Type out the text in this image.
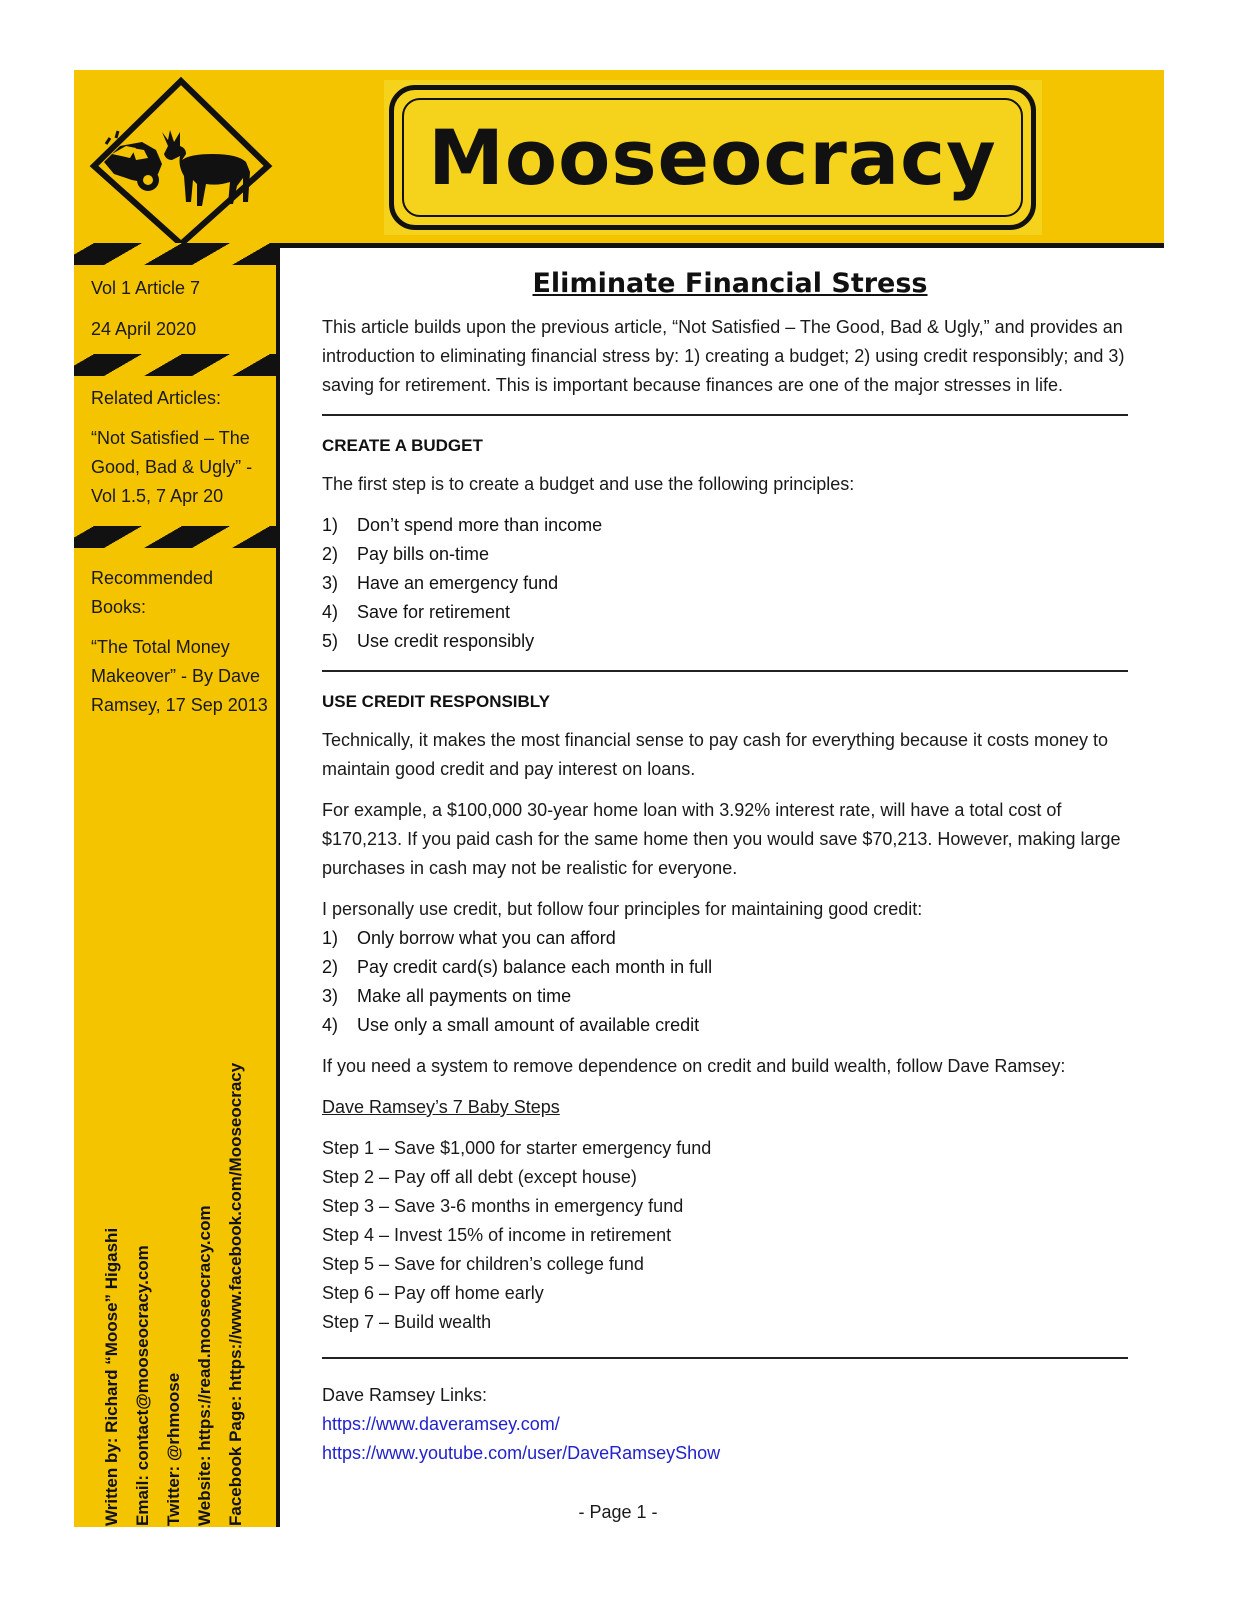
Mooseocracy
Vol 1 Article 7
24 April 2020
Related Articles:
“Not Satisfied – The Good, Bad & Ugly” - Vol 1.5, 7 Apr 20
Recommended Books:
“The Total Money Makeover” - By Dave Ramsey, 17 Sep 2013
Written by: Richard “Moose” Higashi Email: contact@mooseocracy.com Twitter: @rhmoose Website: https://read.mooseocracy.com Facebook Page: https://www.facebook.com/Mooseocracy
Eliminate Financial Stress

This article builds upon the previous article, “Not Satisfied – The Good, Bad & Ugly,” and provides an introduction to eliminating financial stress by: 1) creating a budget; 2) using credit responsibly; and 3) saving for retirement. This is important because finances are one of the major stresses in life.

CREATE A BUDGET

The first step is to create a budget and use the following principles:

1)	Don’t spend more than income
2)	Pay bills on-time
3)	Have an emergency fund
4)	Save for retirement
5)	Use credit responsibly
USE CREDIT RESPONSIBLY

Technically, it makes the most financial sense to pay cash for everything because it costs money to maintain good credit and pay interest on loans.

For example, a $100,000 30-year home loan with 3.92% interest rate, will have a total cost of $170,213. If you paid cash for the same home then you would save $70,213. However, making large purchases in cash may not be realistic for everyone.

I personally use credit, but follow four principles for maintaining good credit:

1)	Only borrow what you can afford
2)	Pay credit card(s) balance each month in full
3)	Make all payments on time
4)	Use only a small amount of available credit

If you need a system to remove dependence on credit and build wealth, follow Dave Ramsey:

Dave Ramsey’s 7 Baby Steps

Step 1 – Save $1,000 for starter emergency fund

Step 2 – Pay off all debt (except house)

Step 3 – Save 3-6 months in emergency fund

Step 4 – Invest 15% of income in retirement

Step 5 – Save for children’s college fund

Step 6 – Pay off home early

Step 7 – Build wealth

Dave Ramsey Links:

https://www.daveramsey.com/
https://www.youtube.com/user/DaveRamseyShow
- Page 1 -
